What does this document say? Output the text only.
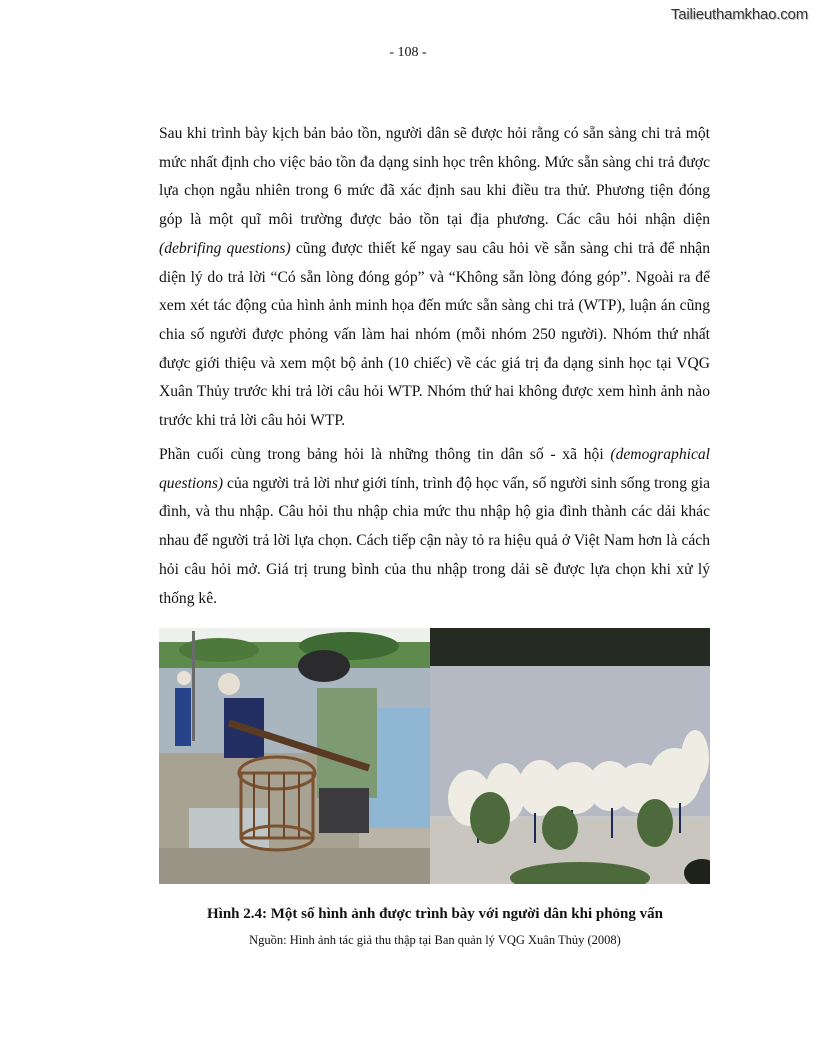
Tailieuthamkhao.com
- 108 -

Sau khi trình bày kịch bản bảo tồn, người dân sẽ được hỏi rằng có sẵn sàng chi trả một mức nhất định cho việc bảo tồn đa dạng sinh học trên không. Mức sẵn sàng chi trả được lựa chọn ngẫu nhiên trong 6 mức đã xác định sau khi điều tra thử. Phương tiện đóng góp là một quĩ môi trường được bảo tồn tại địa phương. Các câu hỏi nhận diện (debrifing questions) cũng được thiết kế ngay sau câu hỏi về sẵn sàng chi trả để nhận diện lý do trả lời “Có sẵn lòng đóng góp” và “Không sẵn lòng đóng góp”. Ngoài ra để xem xét tác động của hình ảnh minh họa đến mức sẵn sàng chi trả (WTP), luận án cũng chia số người được phỏng vấn làm hai nhóm (mỗi nhóm 250 người). Nhóm thứ nhất được giới thiệu và xem một bộ ảnh (10 chiếc) về các giá trị đa dạng sinh học tại VQG Xuân Thủy trước khi trả lời câu hỏi WTP. Nhóm thứ hai không được xem hình ảnh nào trước khi trả lời câu hỏi WTP.

Phần cuối cùng trong bảng hỏi là những thông tin dân số - xã hội (demographical questions) của người trả lời như giới tính, trình độ học vấn, số người sinh sống trong gia đình, và thu nhập. Câu hỏi thu nhập chia mức thu nhập hộ gia đình thành các dải khác nhau để người trả lời lựa chọn. Cách tiếp cận này tỏ ra hiệu quả ở Việt Nam hơn là cách hỏi câu hỏi mở. Giá trị trung bình của thu nhập trong dải sẽ được lựa chọn khi xử lý thống kê.

Hình 2.4: Một số hình ảnh được trình bày với người dân khi phỏng vấn
Nguồn: Hình ảnh tác giả thu thập tại Ban quản lý VQG Xuân Thủy (2008)
